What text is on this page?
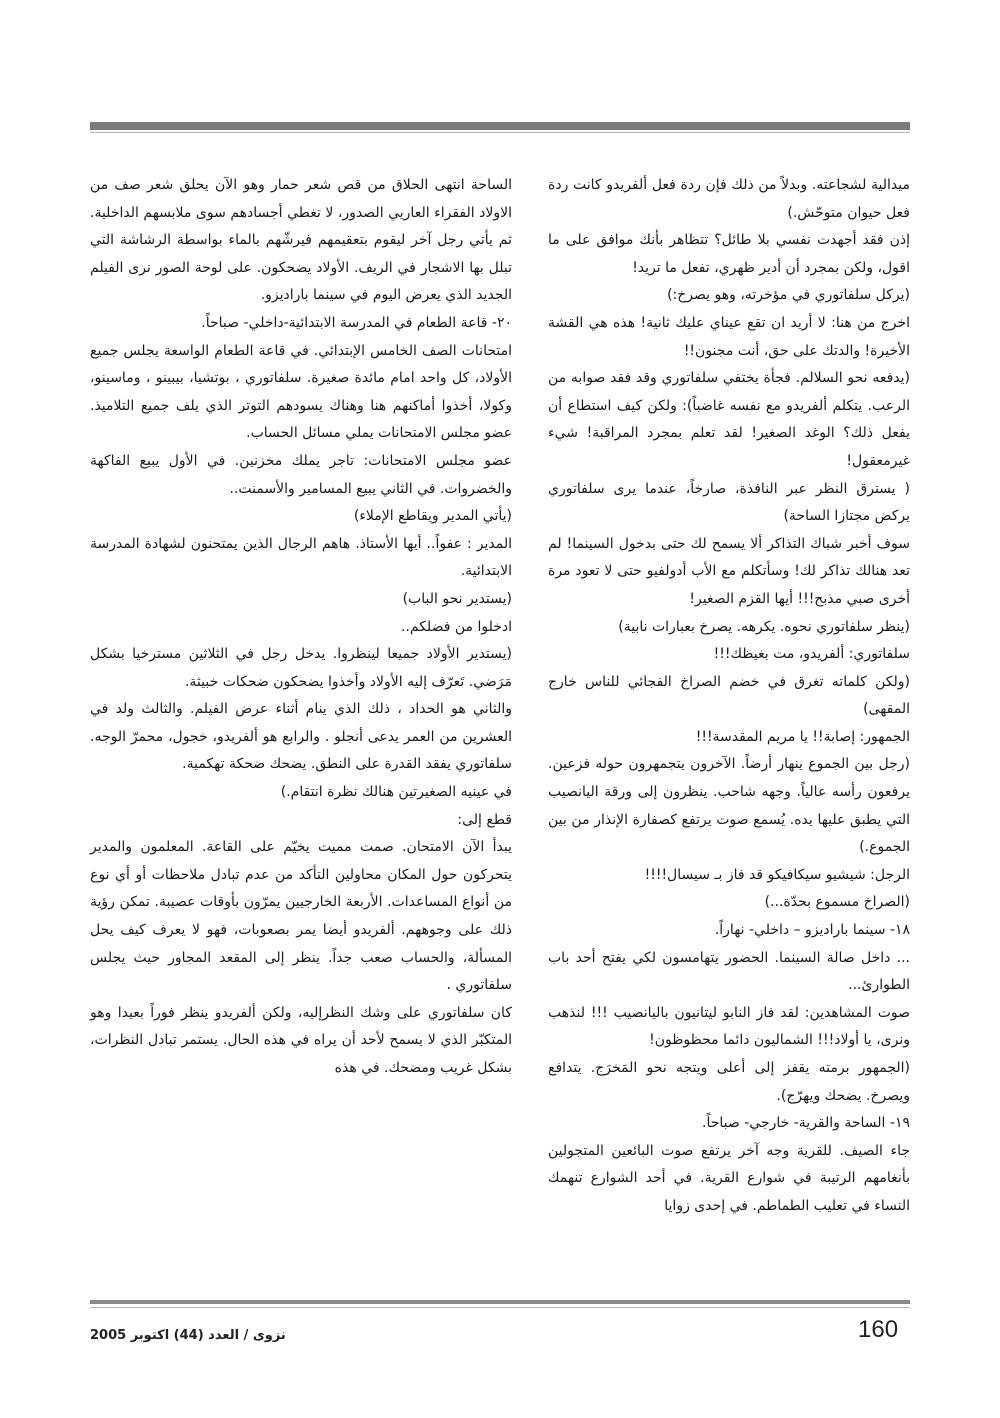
ميدالية لشجاعته. وبدلاً من ذلك فإن ردة فعل ألفريدو كانت ردة فعل حيوان متوحّش.)

إذن فقد أجهدت نفسي بلا طائل؟ تتظاهر بأنك موافق على ما اقول، ولكن بمجرد أن أدير ظهري، تفعل ما تريد!

(يركل سلفاتوري في مؤخرته، وهو يصرخ:)

اخرج من هنا: لا أريد ان تقع عيناي عليك ثانية! هذه هي القشة الأخيرة! والدتك على حق، أنت مجنون!!

(يدفعه نحو السلالم. فجأة يختفي سلفاتوري وقد فقد صوابه من الرعب. يتكلم ألفريدو مع نفسه غاضباً): ولكن كيف استطاع أن يفعل ذلك؟ الوغد الصغير! لقد تعلم بمجرد المراقبة! شيء غيرمعقول!

( يسترق النظر عبر النافذة، صارخاً، عندما يرى سلفاتوري يركض مجتازا الساحة)

سوف أخبر شباك التذاكر ألا يسمح لك حتى بدخول السينما! لم تعد هنالك تذاكر لك! وسأتكلم مع الأب أدولفيو حتى لا تعود مرة أخرى صبي مذبح!!! أيها القزم الصغير!

(ينظر سلفاتوري نحوه. يكرهه. يصرخ بعبارات نابية)

سلفاتوري: ألفريدو، مت بغيظك!!!

(ولكن كلماته تغرق في خضم الصراخ الفجائي للناس خارج المقهى)

الجمهور: إصابة!! يا مريم المقدسة!!!

(رجل بين الجموع ينهار أرضاً. الآخرون يتجمهرون حوله فزعين. يرفعون رأسه عالياً. وجهه شاحب. ينظرون إلى ورقة اليانصيب التي يطبق عليها يده. يُسمع صوت يرتفع كصفارة الإنذار من بين الجموع.)

الرجل: شيشيو سيكافيكو قد فاز بـ سيسال!!!!

(الصراخ مسموع بحدّة...)

١٨- سينما باراديزو – داخلي- نهاراً.

... داخل صالة السينما. الحضور يتهامسون لكي يفتح أحد باب الطوارئ...

صوت المشاهدين: لقد فاز النابو ليتانيون باليانصيب !!! لنذهب ونرى، يا أولاد!!! الشماليون دائما محظوظون!

(الجمهور برمته يقفز إلى أعلى ويتجه نحو المَخرَج. يتدافع ويصرخ. يضحك ويهرّج).

١٩- الساحة والقرية- خارجي- صباحاً.

جاء الصيف. للقرية وجه آخر يرتفع صوت البائعين المتجولين بأنغامهم الرتيبة في شوارع القرية. في أحد الشوارع تنهمك النساء في تعليب الطماطم. في إحدى زوايا

الساحة انتهى الحلاق من قص شعر حمار وهو الآن يحلق شعر صف من الاولاد الفقراء العاريي الصدور، لا تغطي أجسادهم سوى ملابسهم الداخلية. ثم يأتي رجل آخر ليقوم بتعقيمهم فيرشّهم بالماء بواسطة الرشاشة التي تبلل بها الاشجار في الريف. الأولاد يضحكون. على لوحة الصور نرى الفيلم الجديد الذي يعرض اليوم في سينما باراديزو.

٢٠- قاعة الطعام في المدرسة الابتدائية-داخلي- صباحاً.

امتحانات الصف الخامس الإبتدائي. في قاعة الطعام الواسعة يجلس جميع الأولاد، كل واحد امام مائدة صغيرة. سلفاتوري ، بوتشيا، بيبينو ، وماسينو، وكولا، أخذوا أماكنهم هنا وهناك يسودهم التوتر الذي يلف جميع التلاميذ. عضو مجلس الامتحانات يملي مسائل الحساب.

عضو مجلس الامتحانات: تاجر يملك مخزنين. في الأول يبيع الفاكهة والخضروات. في الثاني يبيع المسامير والأسمنت..

(يأتي المدير ويقاطع الإملاء)

المدير : عفواً.. أيها الأستاذ. هاهم الرجال الذين يمتحنون لشهادة المدرسة الابتدائية.

(يستدير نحو الباب)

ادخلوا من فضلكم..

(يستدير الأولاد جميعا لينظروا. يدخل رجل في الثلاثين مسترخيا بشكل مَرَضي. تَعرّف إليه الأولاد وأخذوا يضحكون ضحكات خبيثة.

والثاني هو الحداد ، ذلك الذي ينام أثناء عرض الفيلم. والثالث ولد في العشرين من العمر يدعى أنجلو . والرابع هو ألفريدو، خجول، محمرّ الوجه. سلفاتوري يفقد القدرة على النطق. يضحك ضحكة تهكمية.

في عينيه الصغيرتين هنالك نظرة انتقام.)

قطع إلى:

يبدأ الآن الامتحان. صمت مميت يخيّم على القاعة. المعلمون والمدير يتحركون حول المكان محاولين التأكد من عدم تبادل ملاحظات أو أي نوع من أنواع المساعدات. الأربعة الخارجيين يمرّون بأوقات عصيبة. تمكن رؤية ذلك على وجوههم. ألفريدو أيضا يمر بصعوبات، فهو لا يعرف كيف يحل المسألة، والحساب صعب جداً. ينظر إلى المقعد المجاور حيث يجلس سلفاتوري .

كان سلفاتوري على وشك النظرإليه، ولكن ألفريدو ينظر فوراً بعيدا وهو المتكبّر الذي لا يسمح لأحد أن يراه في هذه الحال. يستمر تبادل النظرات، بشكل غريب ومضحك. في هذه

160
نزوى / العدد (44) اكتوبر 2005
